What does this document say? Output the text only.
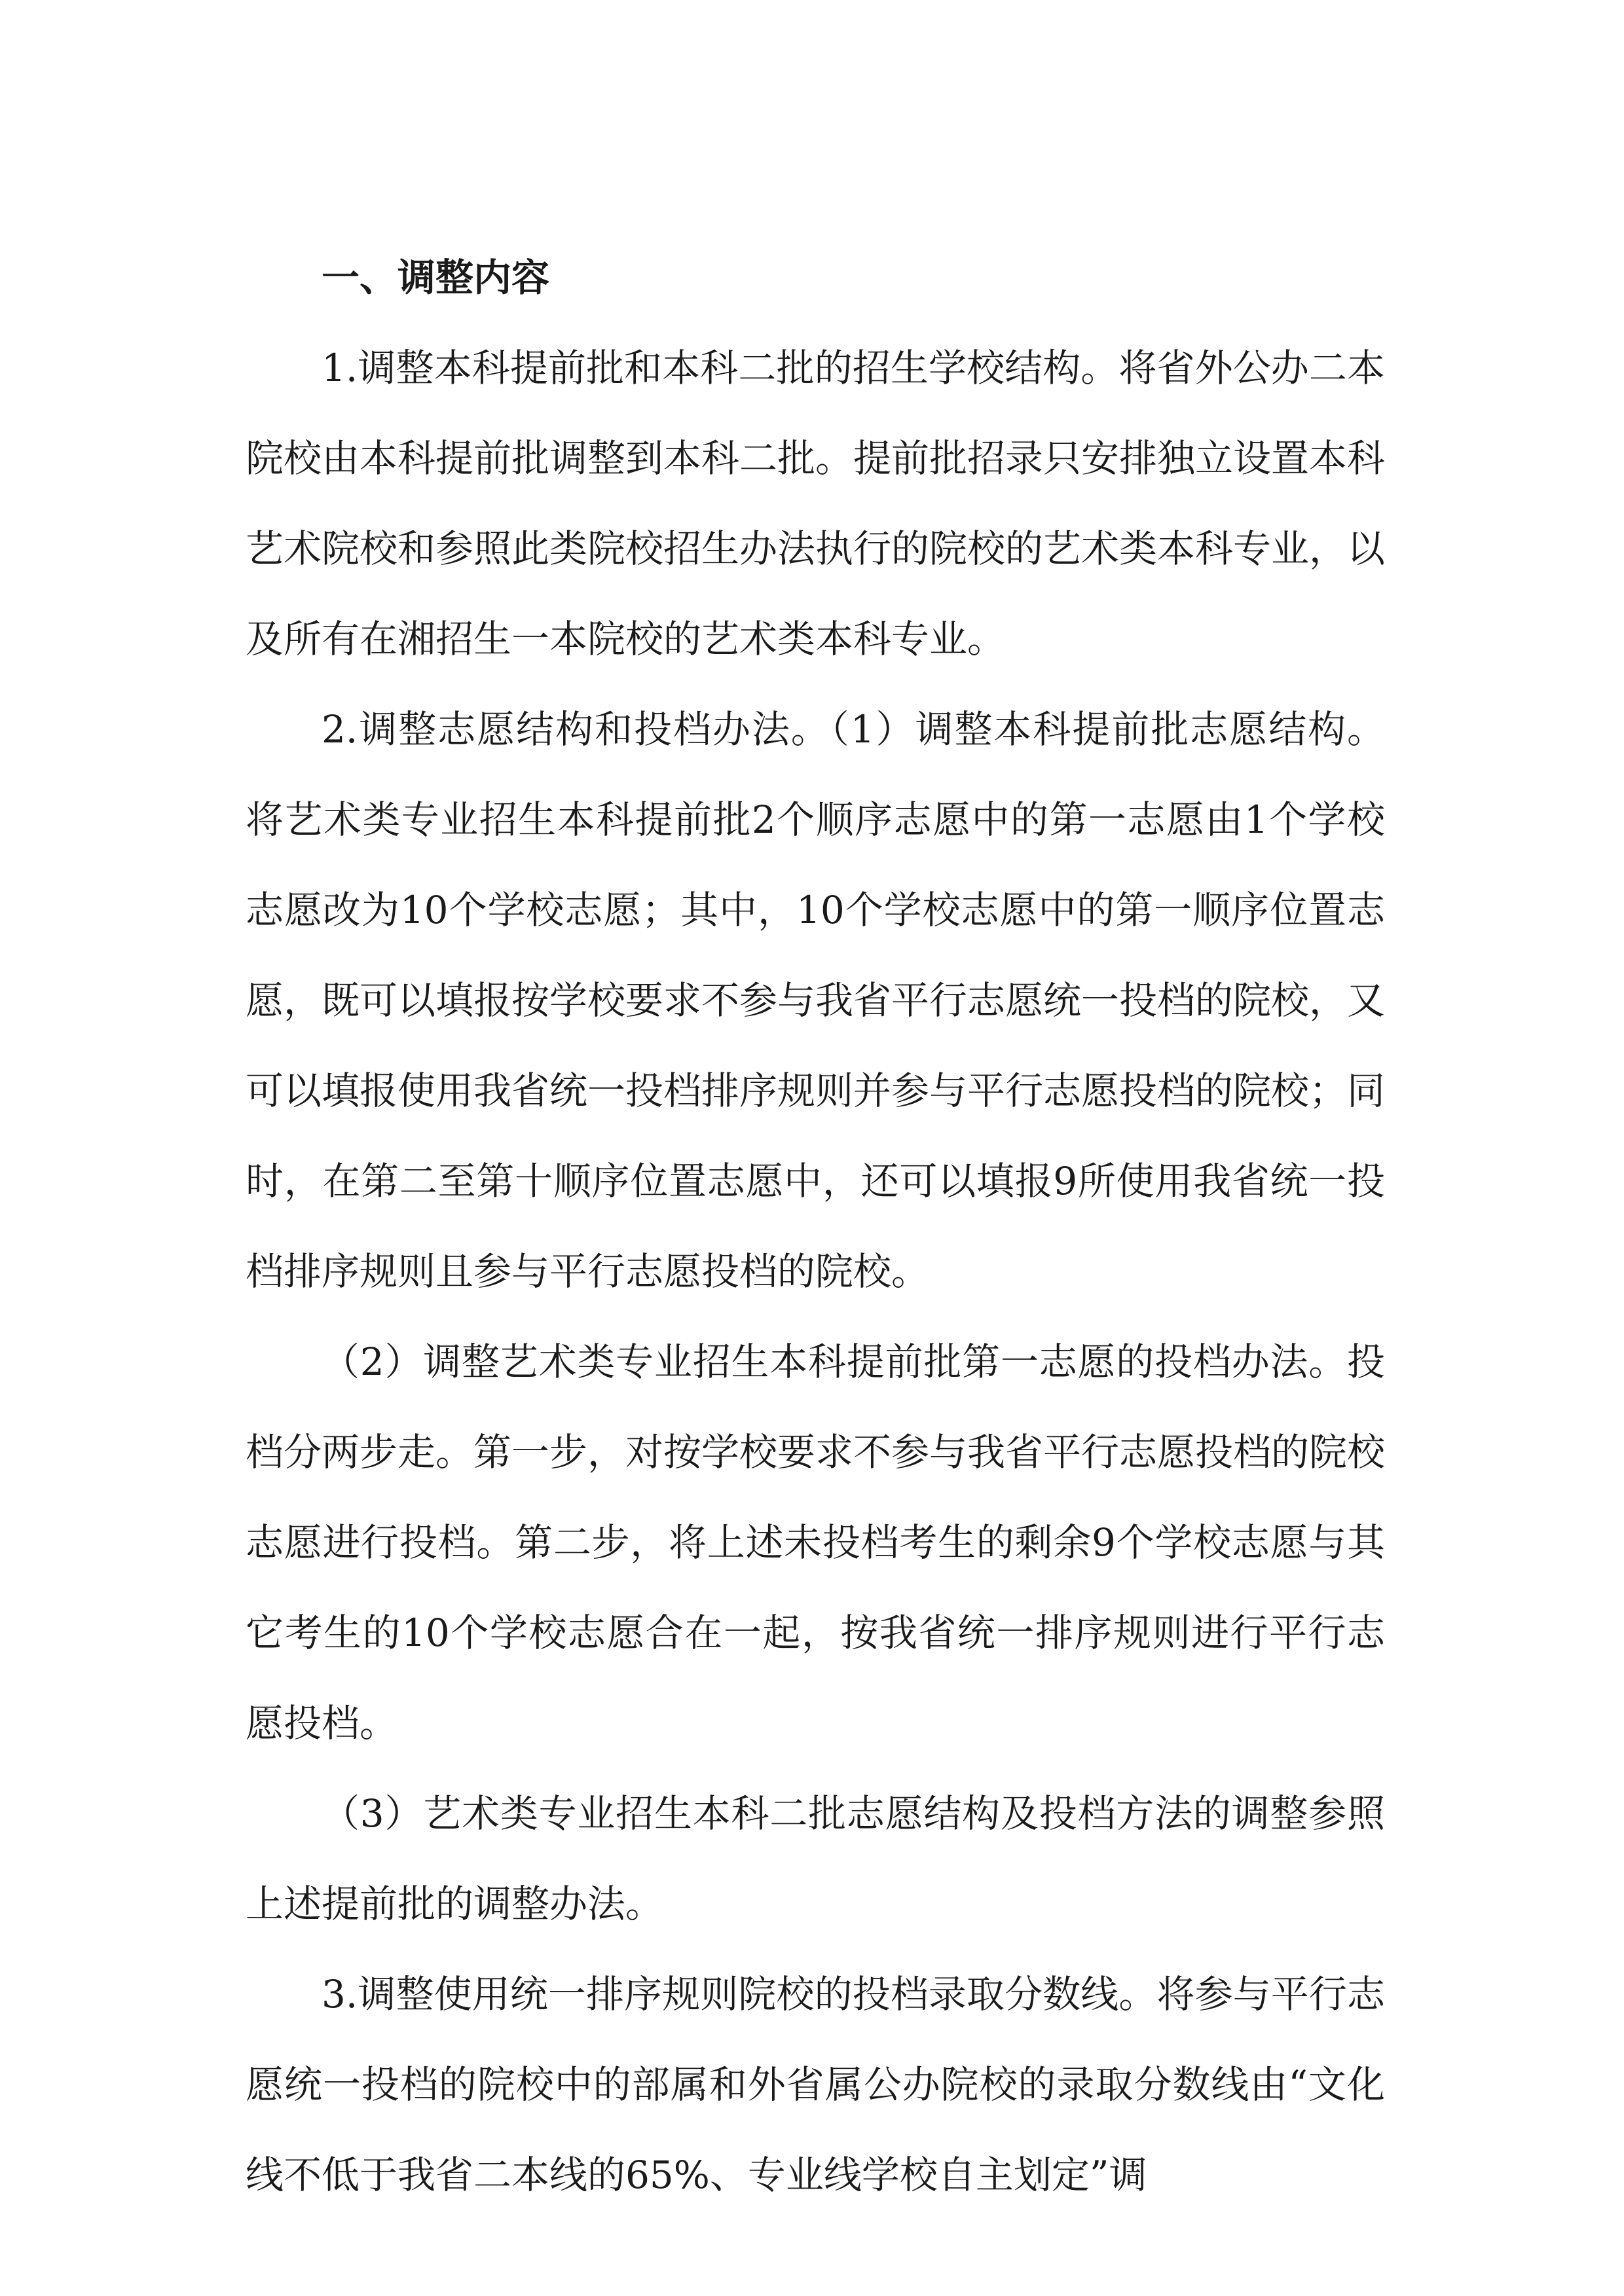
一、调整内容

1.调整本科提前批和本科二批的招生学校结构。将省外公办二本院校由本科提前批调整到本科二批。提前批招录只安排独立设置本科艺术院校和参照此类院校招生办法执行的院校的艺术类本科专业，以及所有在湘招生一本院校的艺术类本科专业。

2.调整志愿结构和投档办法。（1）调整本科提前批志愿结构。将艺术类专业招生本科提前批2个顺序志愿中的第一志愿由1个学校志愿改为10个学校志愿；其中，10个学校志愿中的第一顺序位置志愿，既可以填报按学校要求不参与我省平行志愿统一投档的院校，又可以填报使用我省统一投档排序规则并参与平行志愿投档的院校；同时，在第二至第十顺序位置志愿中，还可以填报9所使用我省统一投档排序规则且参与平行志愿投档的院校。

（2）调整艺术类专业招生本科提前批第一志愿的投档办法。投档分两步走。第一步，对按学校要求不参与我省平行志愿投档的院校志愿进行投档。第二步，将上述未投档考生的剩余9个学校志愿与其它考生的10个学校志愿合在一起，按我省统一排序规则进行平行志愿投档。

（3）艺术类专业招生本科二批志愿结构及投档方法的调整参照上述提前批的调整办法。

3.调整使用统一排序规则院校的投档录取分数线。将参与平行志愿统一投档的院校中的部属和外省属公办院校的录取分数线由“文化线不低于我省二本线的65%、专业线学校自主划定”调
